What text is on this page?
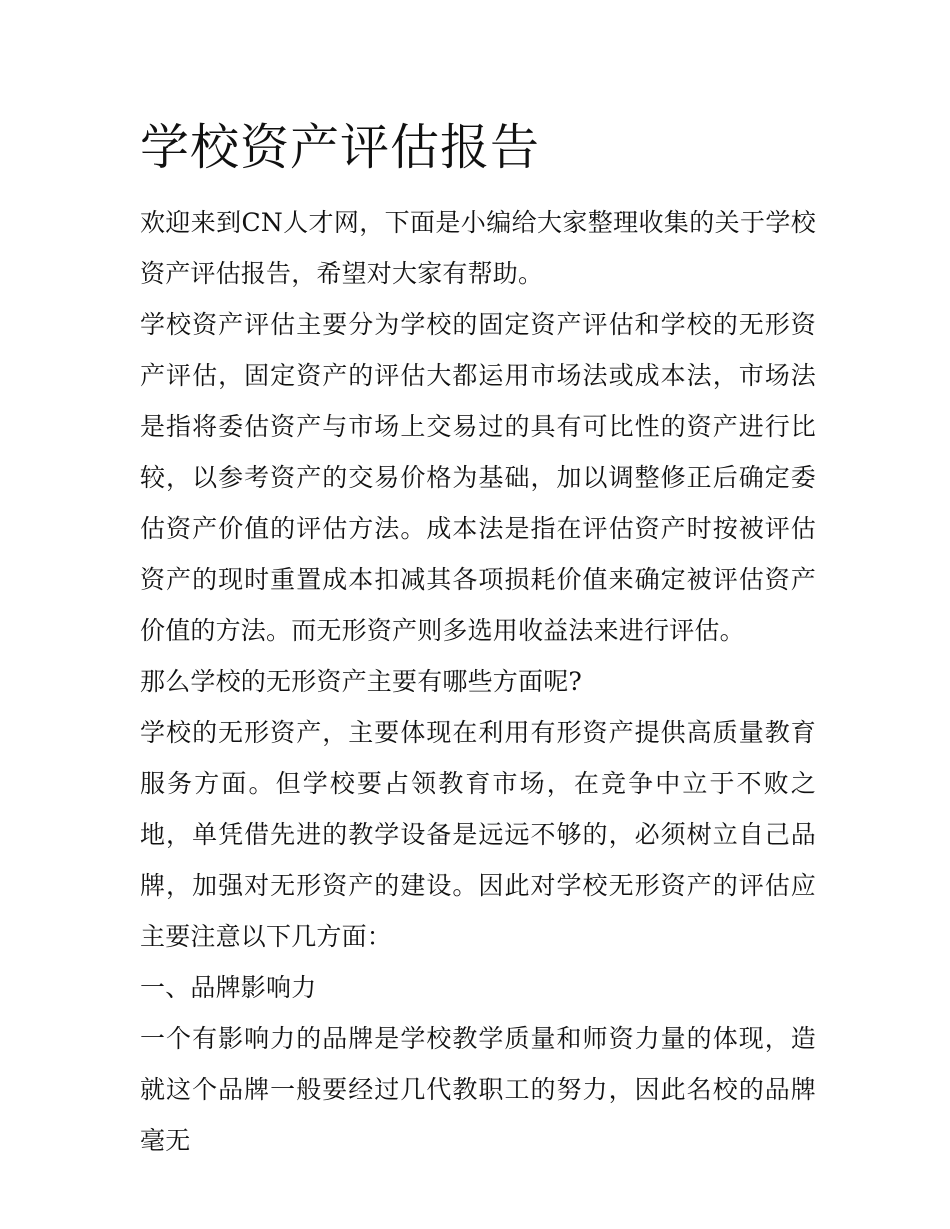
学校资产评估报告

欢迎来到CN人才网，下面是小编给大家整理收集的关于学校资产评估报告，希望对大家有帮助。

学校资产评估主要分为学校的固定资产评估和学校的无形资产评估，固定资产的评估大都运用市场法或成本法，市场法是指将委估资产与市场上交易过的具有可比性的资产进行比较，以参考资产的交易价格为基础，加以调整修正后确定委估资产价值的评估方法。成本法是指在评估资产时按被评估资产的现时重置成本扣减其各项损耗价值来确定被评估资产价值的方法。而无形资产则多选用收益法来进行评估。

那么学校的无形资产主要有哪些方面呢?

学校的无形资产，主要体现在利用有形资产提供高质量教育服务方面。但学校要占领教育市场，在竞争中立于不败之地，单凭借先进的教学设备是远远不够的，必须树立自己品牌，加强对无形资产的建设。因此对学校无形资产的评估应主要注意以下几方面：

一、品牌影响力

一个有影响力的品牌是学校教学质量和师资力量的体现，造就这个品牌一般要经过几代教职工的努力，因此名校的品牌毫无
